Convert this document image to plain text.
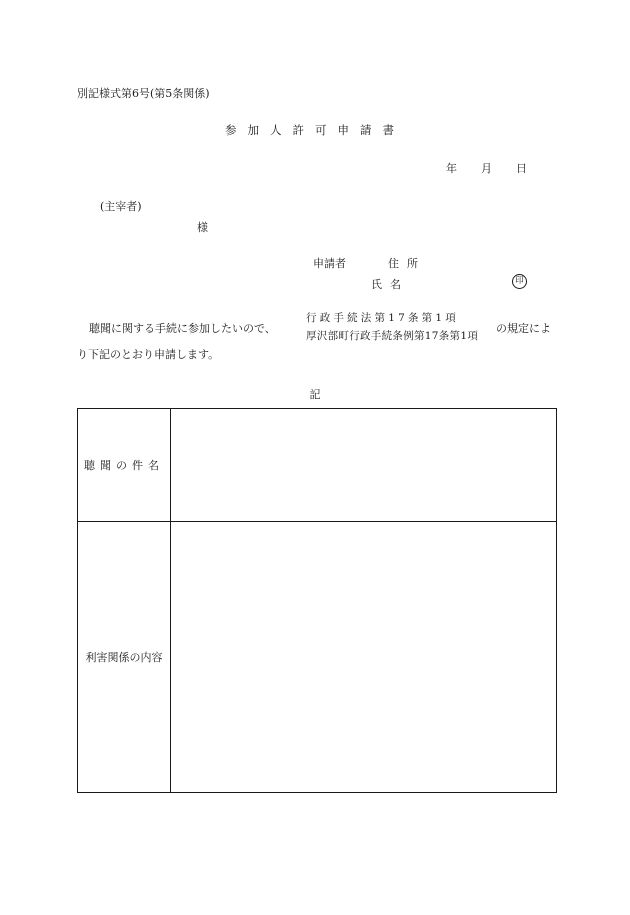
別記様式第6号(第5条関係)
参加人許可申請書
年 月 日
(主宰者)
様
申請者	住所
氏名	印
聴聞に関する手続に参加したいので、
行政手続法第17条第1項
厚沢部町行政手続条例第17条第1項
の規定によ
り下記のとおり申請します。
記
聴聞の件名	
利害関係の内容	
